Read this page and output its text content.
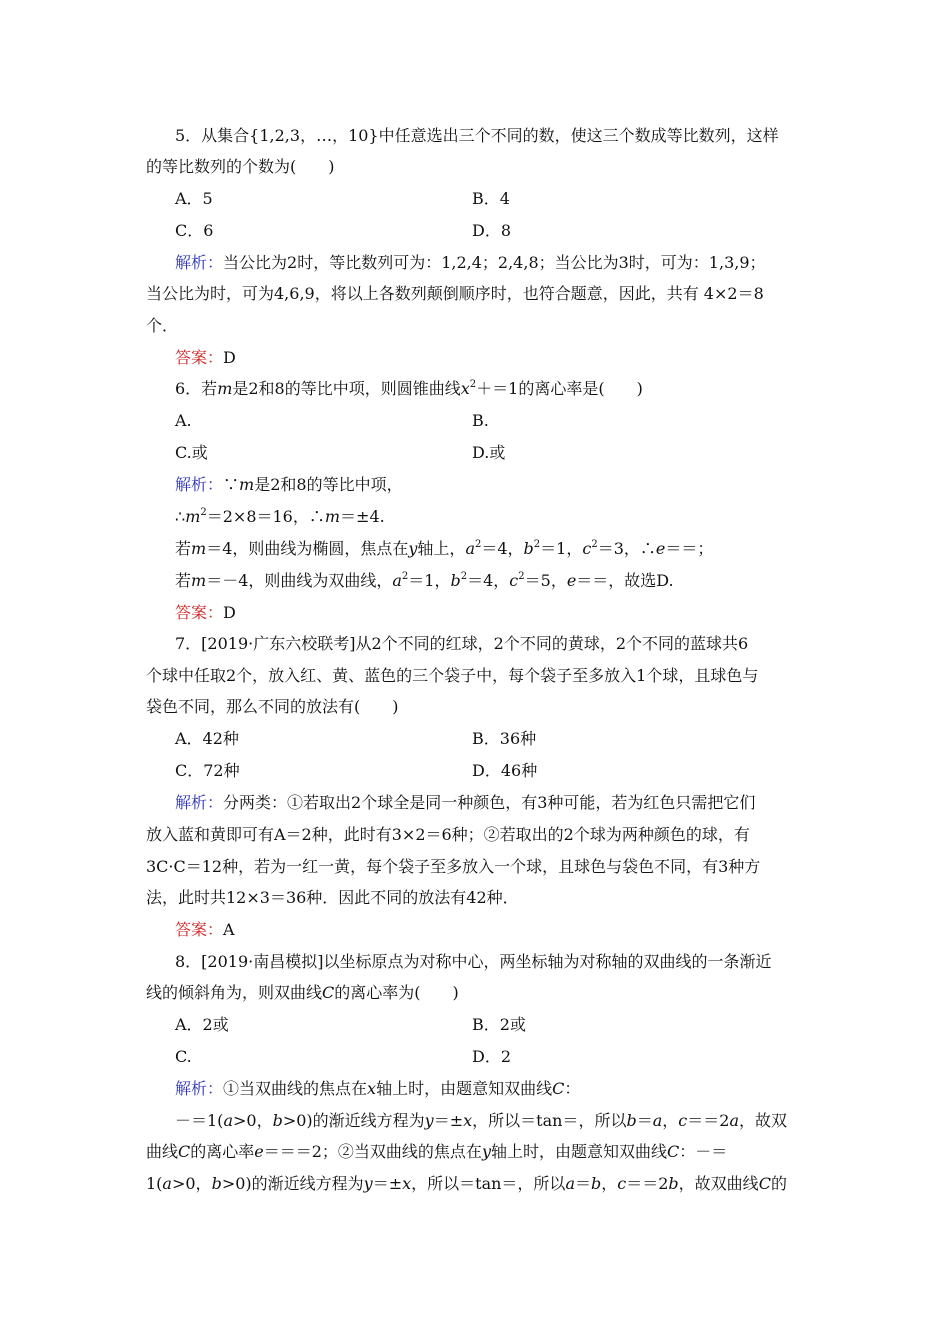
5．从集合{1,2,3，…，10}中任意选出三个不同的数，使这三个数成等比数列，这样
的等比数列的个数为(　　)
A．5	B．4
C．6	D．8
解析：当公比为2时，等比数列可为：1,2,4；2,4,8；当公比为3时，可为：1,3,9；
当公比为时，可为4,6,9，将以上各数列颠倒顺序时，也符合题意，因此，共有 4×2＝8
个．
答案：D
6．若m是2和8的等比中项，则圆锥曲线$x^2+=1$的离心率是(　　)
A.	B.
C.或	D.或
解析：∵m是2和8的等比中项，
$\therefore m^2=2\times 8=16$，∴m＝±4.
若m＝4，则曲线为椭圆，焦点在y轴上，$a^2=4$，$b^2=1$，$c^2=3$，∴e＝＝；
若m＝－4，则曲线为双曲线，$a^2=1$，$b^2=4$，$c^2=5$，e＝＝，故选D.
答案：D
7．[2019·广东六校联考]从2个不同的红球，2个不同的黄球，2个不同的蓝球共6
个球中任取2个，放入红、黄、蓝色的三个袋子中，每个袋子至多放入1个球，且球色与
袋色不同，那么不同的放法有(　　)
A．42种	B．36种
C．72种	D．46种
解析：分两类：①若取出2个球全是同一种颜色，有3种可能，若为红色只需把它们
放入蓝和黄即可有A＝2种，此时有3×2＝6种；②若取出的2个球为两种颜色的球，有
3C·C＝12种，若为一红一黄，每个袋子至多放入一个球，且球色与袋色不同，有3种方
法，此时共12×3＝36种．因此不同的放法有42种．
答案：A
8．[2019·南昌模拟]以坐标原点为对称中心，两坐标轴为对称轴的双曲线的一条渐近
线的倾斜角为，则双曲线C的离心率为(　　)
A．2或	B．2或
C.	D．2
解析：①当双曲线的焦点在x轴上时，由题意知双曲线C：
－＝1(a>0，b>0)的渐近线方程为y＝±x，所以＝tan＝，所以b＝a，c＝＝2a，故双
曲线C的离心率e＝＝＝2；②当双曲线的焦点在y轴上时，由题意知双曲线C：－＝
1(a>0，b>0)的渐近线方程为y＝±x，所以＝tan＝，所以a＝b，c＝＝2b，故双曲线C的
